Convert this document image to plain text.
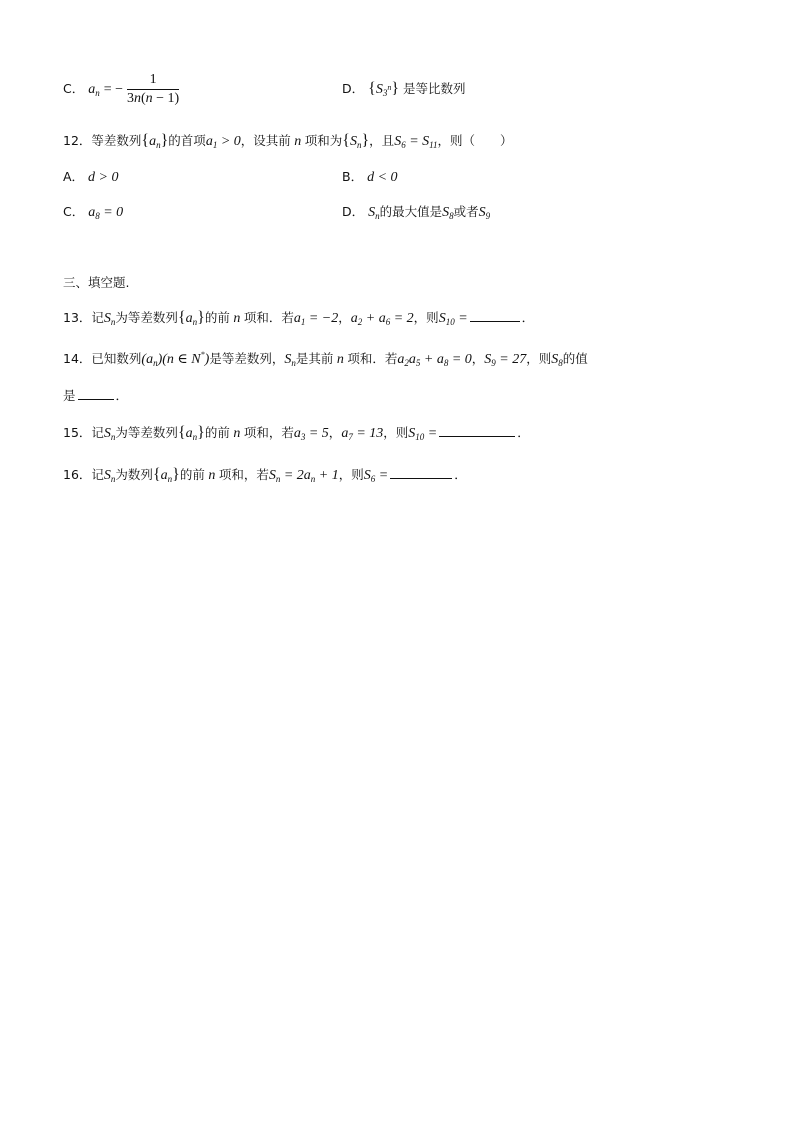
C． $a_n$ = − $\frac{1}{3n(n - 1)}$	D． $\{S_{3^n}\}$ 是等比数列
12．等差数列$\{a_n\}$的首项$a_1 > 0$，设其前 n 项和为$\{S_n\}$，且$S_6 = S_{11}$，则（　　）
A． d > 0	B． d < 0
C． $a_8 = 0$	D． $S_n$的最大值是$S_8$或者$S_9$
三、填空题.
13．记$S_n$为等差数列$\{a_n\}$的前 n 项和．若$a_1 = -2$，$a_2 + a_6 = 2$，则$S_{10}$ =	．
14．已知数列$(a_n)(n$ ∈ N*)是等差数列，$S_n$是其前 n 项和．若$a_2a_5 + a_8 = 0$，$S_9 = 27$，则$S_8$的值
是	．
15．记$S_n$为等差数列$\{a_n\}$的前 n 项和，若$a_3 = 5$，$a_7 = 13$，则$S_{10}$ =	．
16．记$S_n$为数列$\{a_n\}$的前 n 项和，若$S_n = 2a_n + 1$，则$S_6$ =	．
